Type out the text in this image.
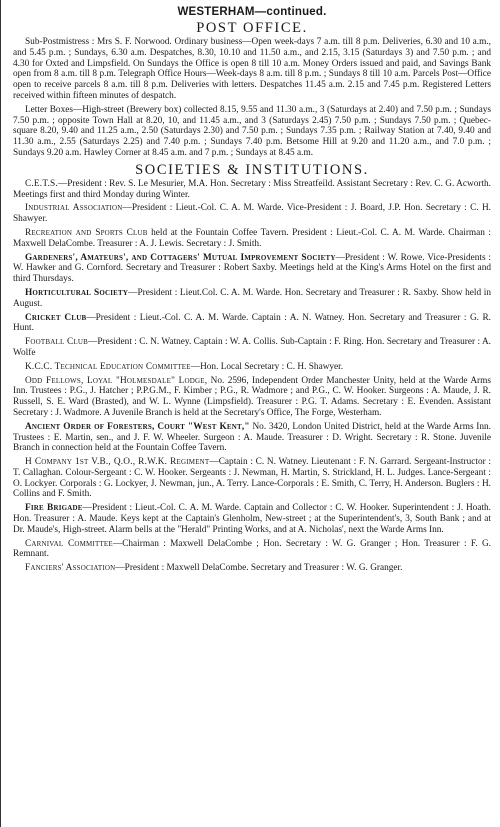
WESTERHAM—continued.
POST OFFICE.

Sub-Postmistress : Mrs S. F. Norwood. Ordinary business—Open week-days 7 a.m. till 8 p.m. Deliveries, 6.30 and 10 a.m., and 5.45 p.m. ; Sundays, 6.30 a.m. Despatches, 8.30, 10.10 and 11.50 a.m., and 2.15, 3.15 (Saturdays 3) and 7.50 p.m. ; and 4.30 for Oxted and Limpsfield. On Sundays the Office is open 8 till 10 a.m. Money Orders issued and paid, and Savings Bank open from 8 a.m. till 8 p.m. Telegraph Office Hours—Week-days 8 a.m. till 8 p.m. ; Sundays 8 till 10 a.m. Parcels Post—Office open to receive parcels 8 a.m. till 8 p.m. Deliveries with letters. Despatches 11.45 a.m. 2.15 and 7.45 p.m. Registered Letters received within fifteen minutes of despatch.

Letter Boxes—High-street (Brewery box) collected 8.15, 9.55 and 11.30 a.m., 3 (Saturdays at 2.40) and 7.50 p.m. ; Sundays 7.50 p.m. ; opposite Town Hall at 8.20, 10, and 11.45 a.m., and 3 (Saturdays 2.45) 7.50 p.m. ; Sundays 7.50 p.m. ; Quebec-square 8.20, 9.40 and 11.25 a.m., 2.50 (Saturdays 2.30) and 7.50 p.m. ; Sundays 7.35 p.m. ; Railway Station at 7.40, 9.40 and 11.30 a.m., 2.55 (Saturdays 2.25) and 7.40 p.m. ; Sundays 7.40 p.m. Betsome Hill at 9.20 and 11.20 a.m., and 7.0 p.m. ; Sundays 9.20 a.m. Hawley Corner at 8.45 a.m. and 7 p.m. ; Sundays at 8.45 a.m.

SOCIETIES & INSTITUTIONS.

C.E.T.S.—President : Rev. S. Le Mesurier, M.A. Hon. Secretary : Miss Streatfeild. Assistant Secretary : Rev. C. G. Acworth. Meetings first and third Monday during Winter.

Industrial Association—President : Lieut.-Col. C. A. M. Warde. Vice-President : J. Board, J.P. Hon. Secretary : C. H. Shawyer.

Recreation and Sports Club held at the Fountain Coffee Tavern. President : Lieut.-Col. C. A. M. Warde. Chairman : Maxwell DelaCombe. Treasurer : A. J. Lewis. Secretary : J. Smith.

Gardeners', Amateurs', and Cottagers' Mutual Improvement Society—President : W. Rowe. Vice-Presidents : W. Hawker and G. Cornford. Secretary and Treasurer : Robert Saxby. Meetings held at the King's Arms Hotel on the first and third Thursdays.

Horticultural Society—President : Lieut.Col. C. A. M. Warde. Hon. Secretary and Treasurer : R. Saxby. Show held in August.

Cricket Club—President : Lieut.-Col. C. A. M. Warde. Captain : A. N. Watney. Hon. Secretary and Treasurer : G. R. Hunt.

Football Club—President : C. N. Watney. Captain : W. A. Collis. Sub-Captain : F. Ring. Hon. Secretary and Treasurer : A. Wolfe

K.C.C. Technical Education Committee—Hon. Local Secretary : C. H. Shawyer.

Odd Fellows, Loyal "Holmesdale" Lodge, No. 2596, Independent Order Manchester Unity, held at the Warde Arms Inn. Trustees : P.G., J. Hatcher ; P.P.G.M., F. Kimber ; P.G., R. Wadmore ; and P.G., C. W. Hooker. Surgeons : A. Maude, J. R. Russell, S. E. Ward (Brasted), and W. L. Wynne (Limpsfield). Treasurer : P.G. T. Adams. Secretary : E. Evenden. Assistant Secretary : J. Wadmore. A Juvenile Branch is held at the Secretary's Office, The Forge, Westerham.

Ancient Order of Foresters, Court "West Kent," No. 3420, London United District, held at the Warde Arms Inn. Trustees : E. Martin, sen., and J. F. W. Wheeler. Surgeon : A. Maude. Treasurer : D. Wright. Secretary : R. Stone. Juvenile Branch in connection held at the Fountain Coffee Tavern.

H Company 1st V.B., Q.O., R.W.K. Regiment—Captain : C. N. Watney. Lieutenant : F. N. Garrard. Sergeant-Instructor : T. Callaghan. Colour-Sergeant : C. W. Hooker. Sergeants : J. Newman, H. Martin, S. Strickland, H. L. Judges. Lance-Sergeant : O. Lockyer. Corporals : G. Lockyer, J. Newman, jun., A. Terry. Lance-Corporals : E. Smith, C. Terry, H. Anderson. Buglers : H. Collins and F. Smith.

Fire Brigade—President : Lieut.-Col. C. A. M. Warde. Captain and Collector : C. W. Hooker. Superintendent : J. Hoath. Hon. Treasurer : A. Maude. Keys kept at the Captain's Glenholm, New-street ; at the Superintendent's, 3, South Bank ; and at Dr. Maude's, High-street. Alarm bells at the "Herald" Printing Works, and at A. Nicholas', next the Warde Arms Inn.

Carnival Committee—Chairman : Maxwell DelaCombe ; Hon. Secretary : W. G. Granger ; Hon. Treasurer : F. G. Remnant.

Fanciers' Association—President : Maxwell DelaCombe. Secretary and Treasurer : W. G. Granger.
